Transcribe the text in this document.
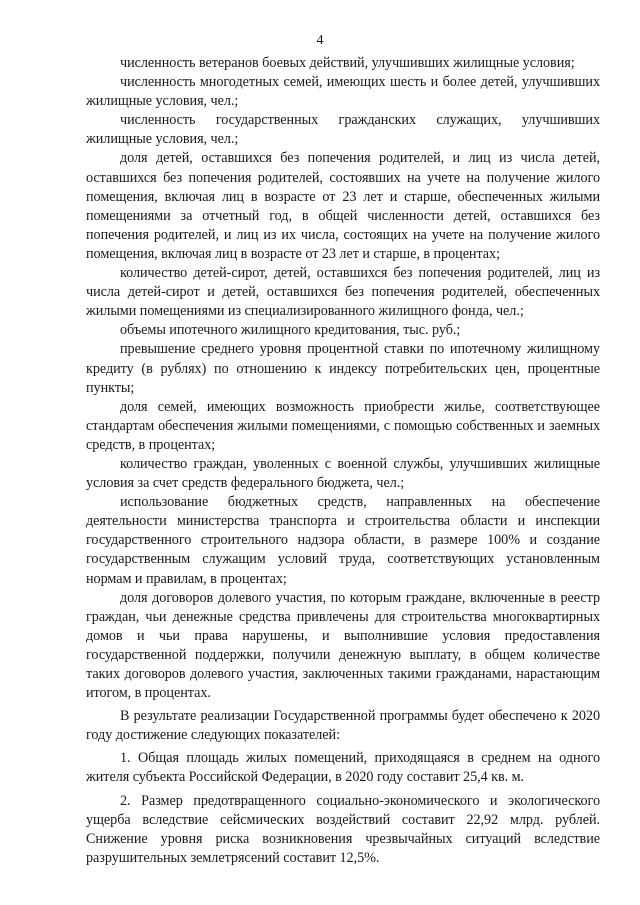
4

численность ветеранов боевых действий, улучшивших жилищные условия;

численность многодетных семей, имеющих шесть и более детей, улучшивших жилищные условия, чел.;

численность государственных гражданских служащих, улучшивших жилищные условия, чел.;

доля детей, оставшихся без попечения родителей, и лиц из числа детей, оставшихся без попечения родителей, состоявших на учете на получение жилого помещения, включая лиц в возрасте от 23 лет и старше, обеспеченных жилыми помещениями за отчетный год, в общей численности детей, оставшихся без попечения родителей, и лиц из их числа, состоящих на учете на получение жилого помещения, включая лиц в возрасте от 23 лет и старше, в процентах;

количество детей-сирот, детей, оставшихся без попечения родителей, лиц из числа детей-сирот и детей, оставшихся без попечения родителей, обеспеченных жилыми помещениями из специализированного жилищного фонда, чел.;

объемы ипотечного жилищного кредитования, тыс. руб.;

превышение среднего уровня процентной ставки по ипотечному жилищному кредиту (в рублях) по отношению к индексу потребительских цен, процентные пункты;

доля семей, имеющих возможность приобрести жилье, соответствующее стандартам обеспечения жилыми помещениями, с помощью собственных и заемных средств, в процентах;

количество граждан, уволенных с военной службы, улучшивших жилищные условия за счет средств федерального бюджета, чел.;

использование бюджетных средств, направленных на обеспечение деятельности министерства транспорта и строительства области и инспекции государственного строительного надзора области, в размере 100% и создание государственным служащим условий труда, соответствующих установленным нормам и правилам, в процентах;

доля договоров долевого участия, по которым граждане, включенные в реестр граждан, чьи денежные средства привлечены для строительства многоквартирных домов и чьи права нарушены, и выполнившие условия предоставления государственной поддержки, получили денежную выплату, в общем количестве таких договоров долевого участия, заключенных такими гражданами, нарастающим итогом, в процентах.

В результате реализации Государственной программы будет обеспечено к 2020 году достижение следующих показателей:

1. Общая площадь жилых помещений, приходящаяся в среднем на одного жителя субъекта Российской Федерации, в 2020 году составит 25,4 кв. м.

2. Размер предотвращенного социально-экономического и экологического ущерба вследствие сейсмических воздействий составит 22,92 млрд. рублей. Снижение уровня риска возникновения чрезвычайных ситуаций вследствие разрушительных землетрясений составит 12,5%.
